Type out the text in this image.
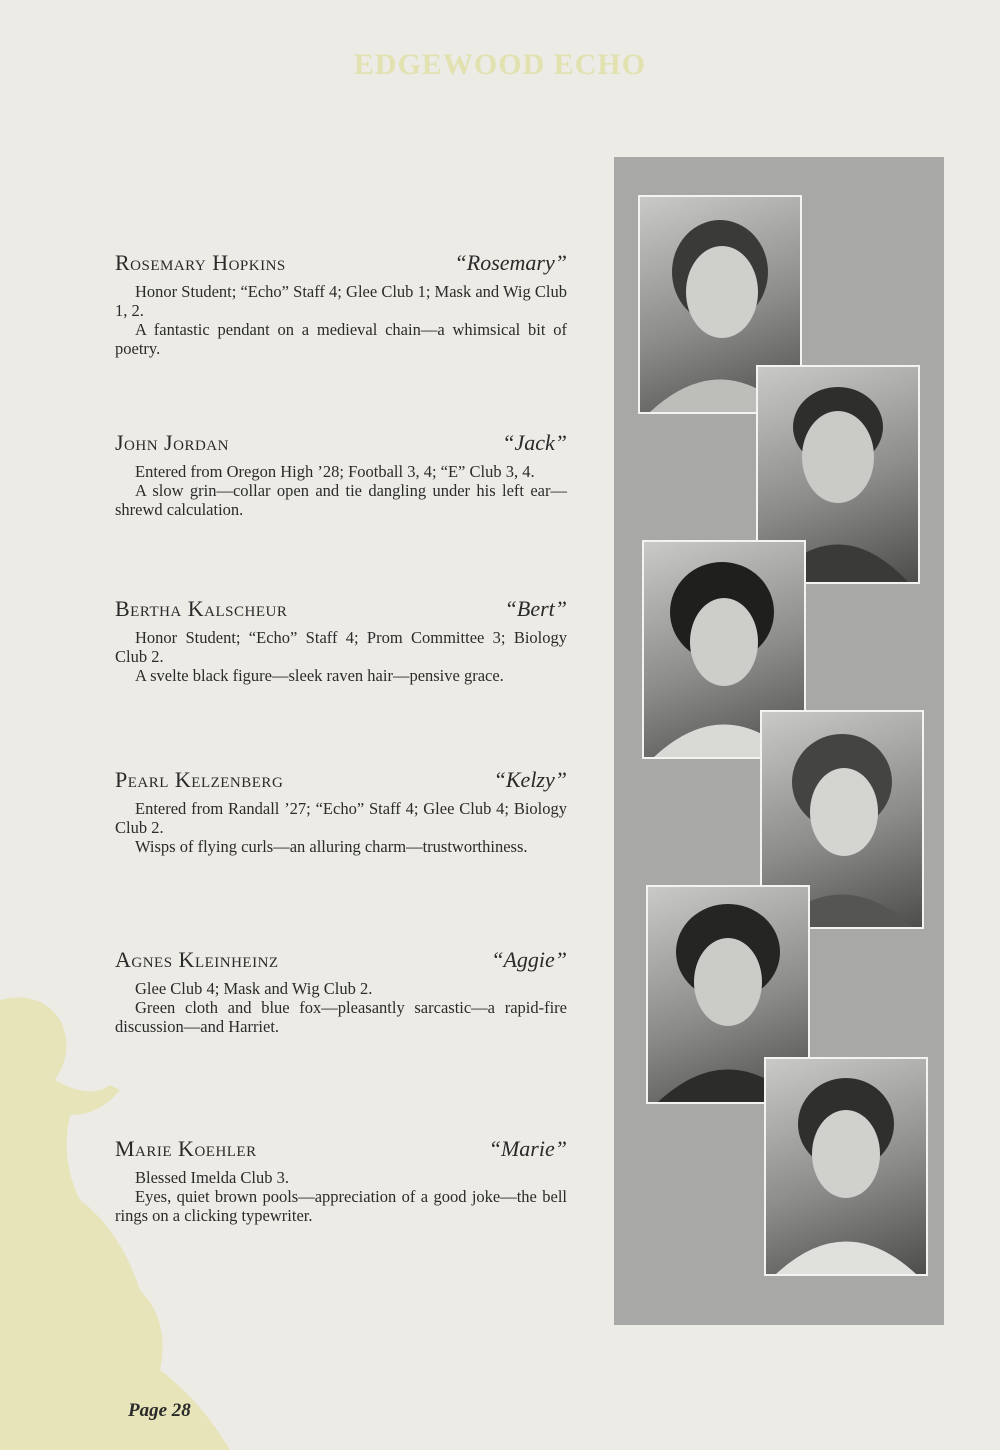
EDGEWOOD ECHO
Rosemary Hopkins	“Rosemary”

Honor Student; “Echo” Staff 4; Glee Club 1; Mask and Wig Club 1, 2.

A fantastic pendant on a medieval chain—a whimsical bit of poetry.

John Jordan	“Jack”

Entered from Oregon High ’28; Football 3, 4; “E” Club 3, 4.

A slow grin—collar open and tie dangling under his left ear—shrewd calculation.

Bertha Kalscheur	“Bert”

Honor Student; “Echo” Staff 4; Prom Committee 3; Biology Club 2.

A svelte black figure—sleek raven hair—pensive grace.

Pearl Kelzenberg	“Kelzy”

Entered from Randall ’27; “Echo” Staff 4; Glee Club 4; Biology Club 2.

Wisps of flying curls—an alluring charm—trustworthiness.

Agnes Kleinheinz	“Aggie”

Glee Club 4; Mask and Wig Club 2.

Green cloth and blue fox—pleasantly sarcastic—a rapid-fire discussion—and Harriet.

Marie Koehler	“Marie”

Blessed Imelda Club 3.

Eyes, quiet brown pools—appreciation of a good joke—the bell rings on a clicking typewriter.

Page 28
